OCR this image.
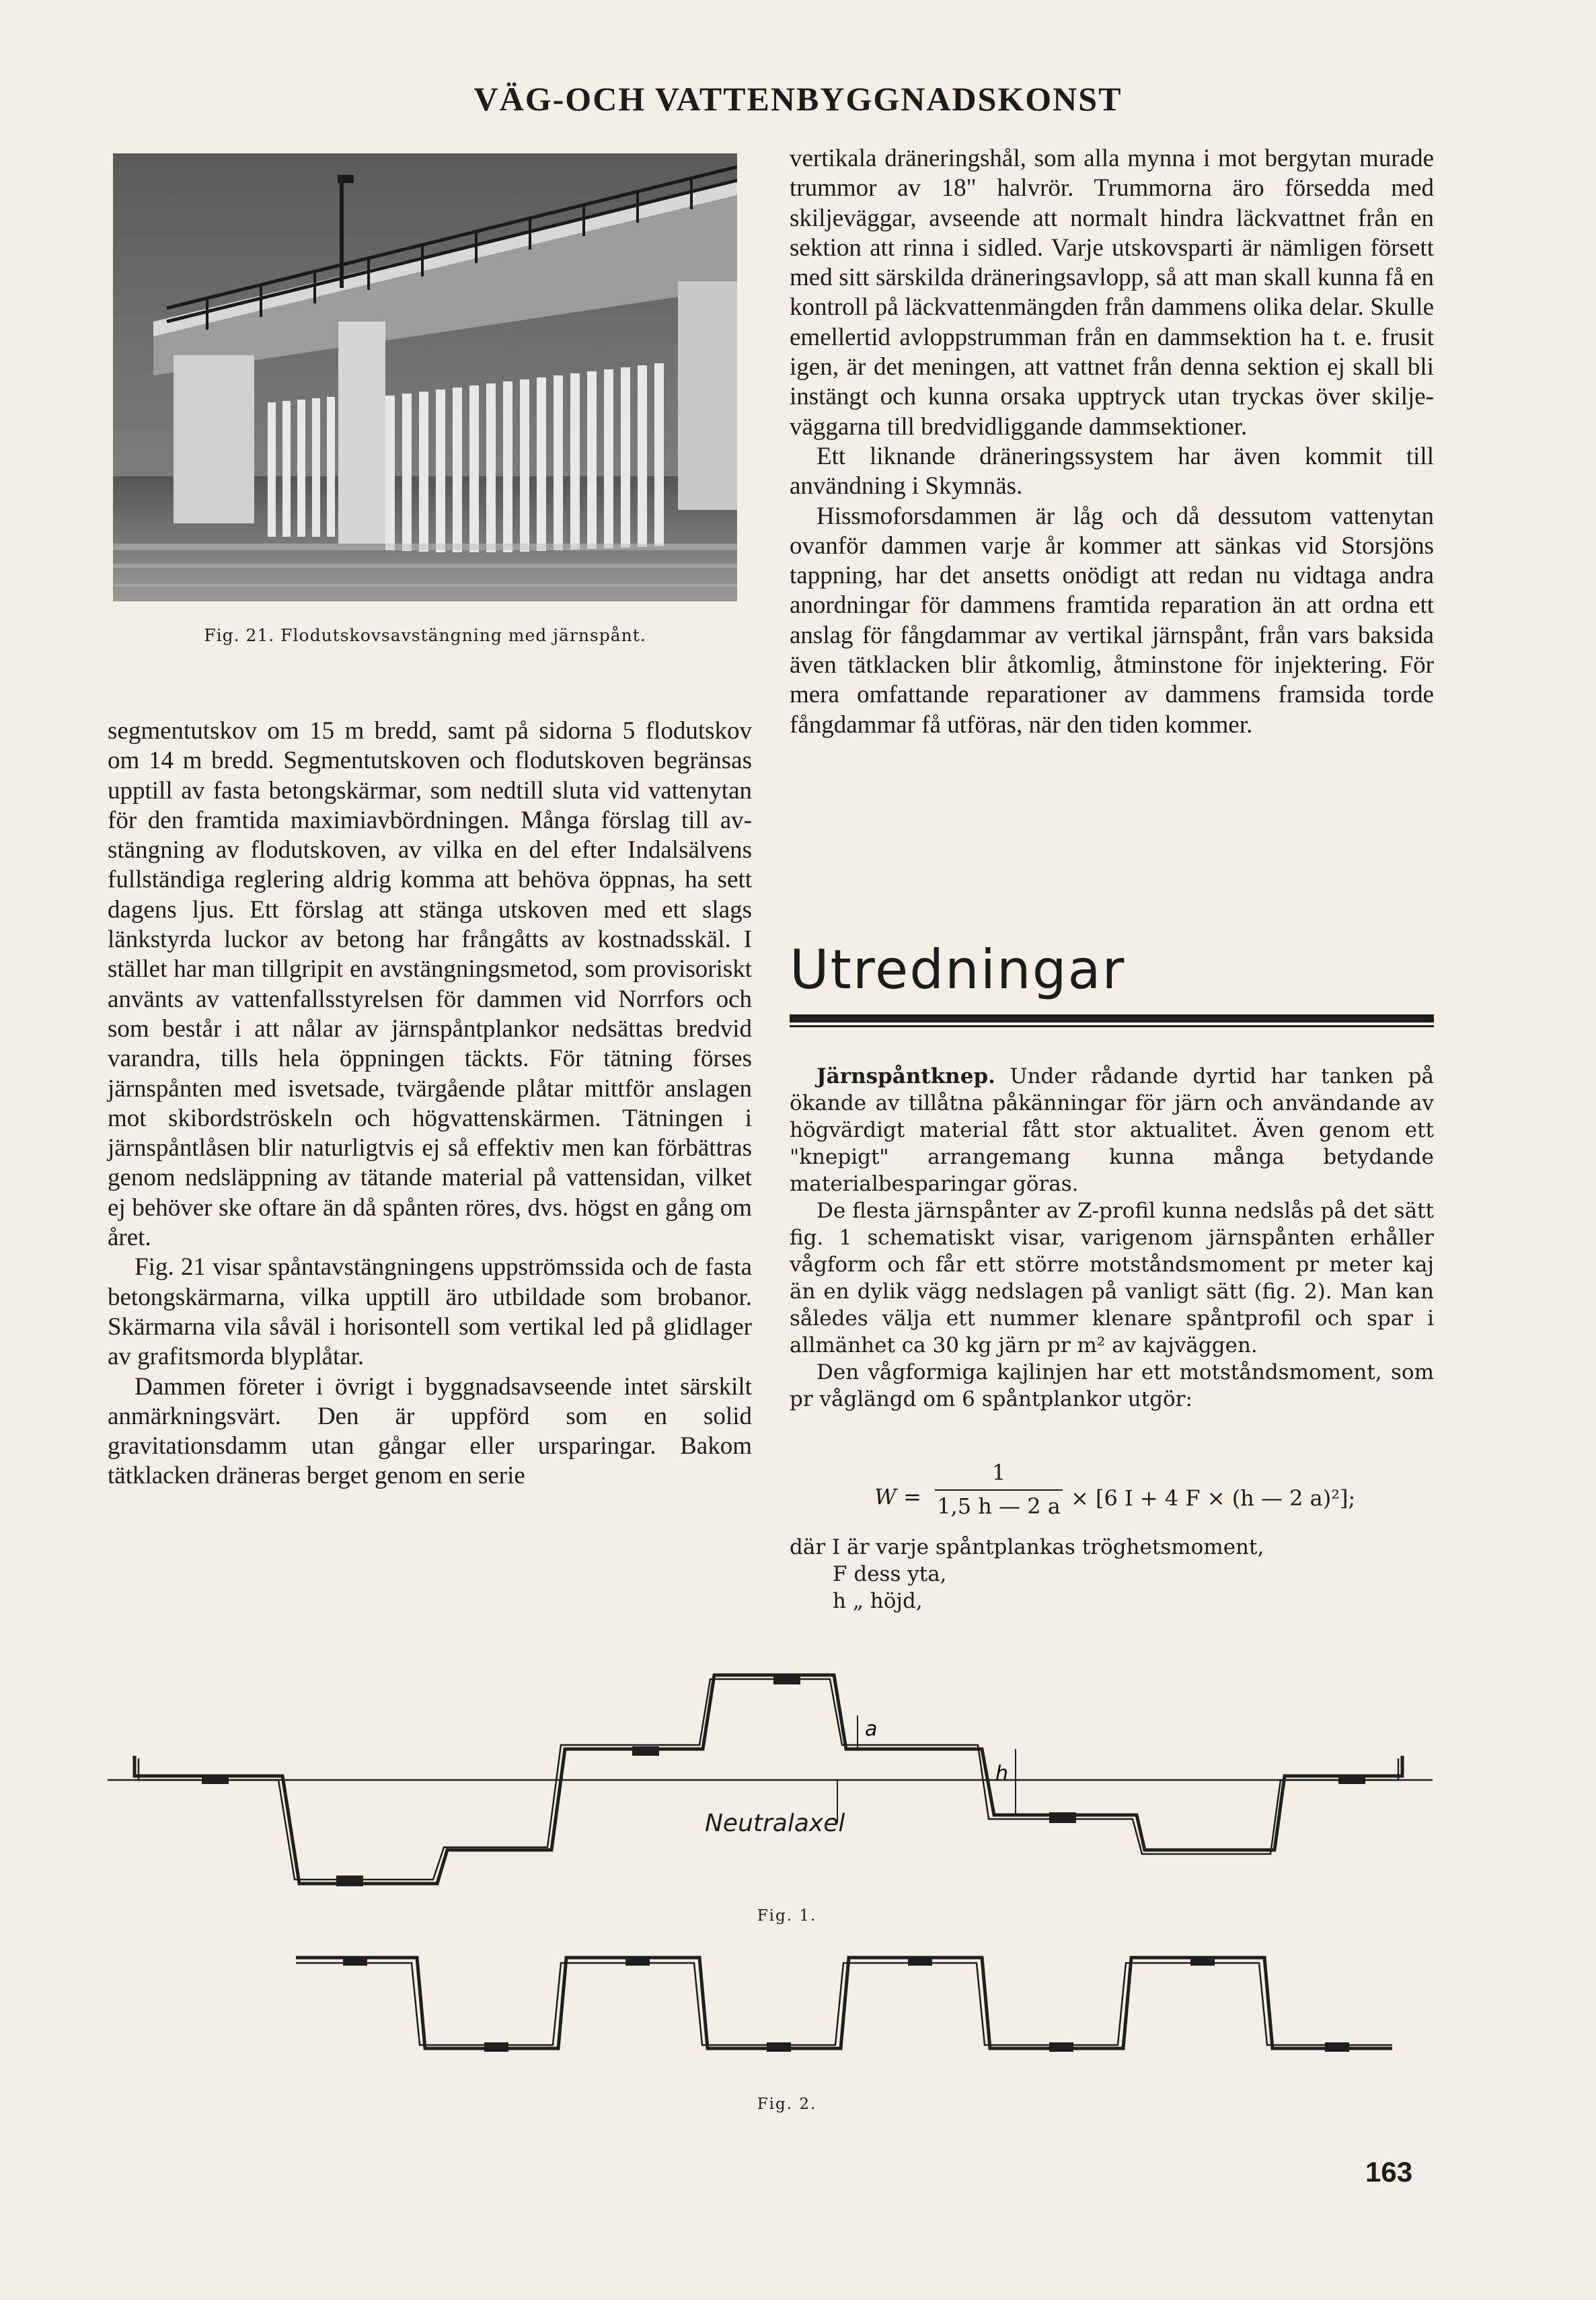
VÄG-OCH VATTENBYGGNADSKONST
Fig. 21. Flodutskovsavstängning med järnspånt.

segmentutskov om 15 m bredd, samt på sidorna 5 flodutskov om 14 m bredd. Segmentutskoven och flodutskoven begränsas upptill av fasta betongskärmar, som nedtill sluta vid vattenytan för den framtida maximiavbördningen. Många förslag till avstängning av flodutskoven, av vilka en del efter Indalsälvens fullständiga reglering aldrig komma att behöva öppnas, ha sett dagens ljus. Ett förslag att stänga utskoven med ett slags länkstyrda luckor av betong har frångåtts av kostnadsskäl. I stället har man tillgripit en avstängningsmetod, som provisoriskt använts av vattenfallsstyrelsen för dammen vid Norrfors och som består i att nålar av järnspåntplankor nedsättas bredvid varandra, tills hela öppningen täckts. För tätning förses järnspånten med isvetsade, tvärgående plåtar mittför anslagen mot skibordströskeln och högvattenskärmen. Tätningen i järnspåntlåsen blir naturligtvis ej så effektiv men kan förbättras genom nedsläppning av tätande material på vattensidan, vilket ej behöver ske oftare än då spånten röres, dvs. högst en gång om året.

Fig. 21 visar spåntavstängningens uppströmssida och de fasta betongskärmarna, vilka upptill äro utbildade som brobanor. Skärmarna vila såväl i horisontell som vertikal led på glidlager av grafitsmorda blyplåtar.

Dammen företer i övrigt i byggnadsavseende intet särskilt anmärkningsvärt. Den är uppförd som en solid gravitationsdamm utan gångar eller ursparingar. Bakom tätklacken dräneras berget genom en serie

vertikala dräneringshål, som alla mynna i mot bergytan murade trummor av 18" halvrör. Trummorna äro försedda med skiljeväggar, avseende att normalt hindra läckvattnet från en sektion att rinna i sidled. Varje utskovsparti är nämligen försett med sitt särskilda dräneringsavlopp, så att man skall kunna få en kontroll på läckvattenmängden från dammens olika delar. Skulle emellertid avloppstrumman från en dammsektion ha t. e. frusit igen, är det meningen, att vattnet från denna sektion ej skall bli instängt och kunna orsaka upptryck utan tryckas över skiljeväggarna till bredvidliggande dammsektioner.

Ett liknande dräneringssystem har även kommit till användning i Skymnäs.

Hissmoforsdammen är låg och då dessutom vattenytan ovanför dammen varje år kommer att sänkas vid Storsjöns tappning, har det ansetts onödigt att redan nu vidtaga andra anordningar för dammens framtida reparation än att ordna ett anslag för fångdammar av vertikal järnspånt, från vars baksida även tätklacken blir åtkomlig, åtminstone för injektering. För mera omfattande reparationer av dammens framsida torde fångdammar få utföras, när den tiden kommer.

Utredningar

Järnspåntknep. Under rådande dyrtid har tanken på ökande av tillåtna påkänningar för järn och användande av högvärdigt material fått stor aktualitet. Även genom ett "knepigt" arrangemang kunna många betydande materialbesparingar göras.

De flesta järnspånter av Z-profil kunna nedslås på det sätt fig. 1 schematiskt visar, varigenom järnspånten erhåller vågform och får ett större motståndsmoment pr meter kaj än en dylik vägg nedslagen på vanligt sätt (fig. 2). Man kan således välja ett nummer klenare spåntprofil och spar i allmänhet ca 30 kg järn pr m² av kajväggen.

Den vågformiga kajlinjen har ett motståndsmoment, som pr våglängd om 6 spåntplankor utgör:

W =
1
1,5 h — 2 a × [6 I + 4 F × (h — 2 a)²];
där I är varje spåntplankas tröghetsmoment,
F dess yta,
h „ höjd,
h
a
Neutralaxel
Fig. 1.
Fig. 2.
163
